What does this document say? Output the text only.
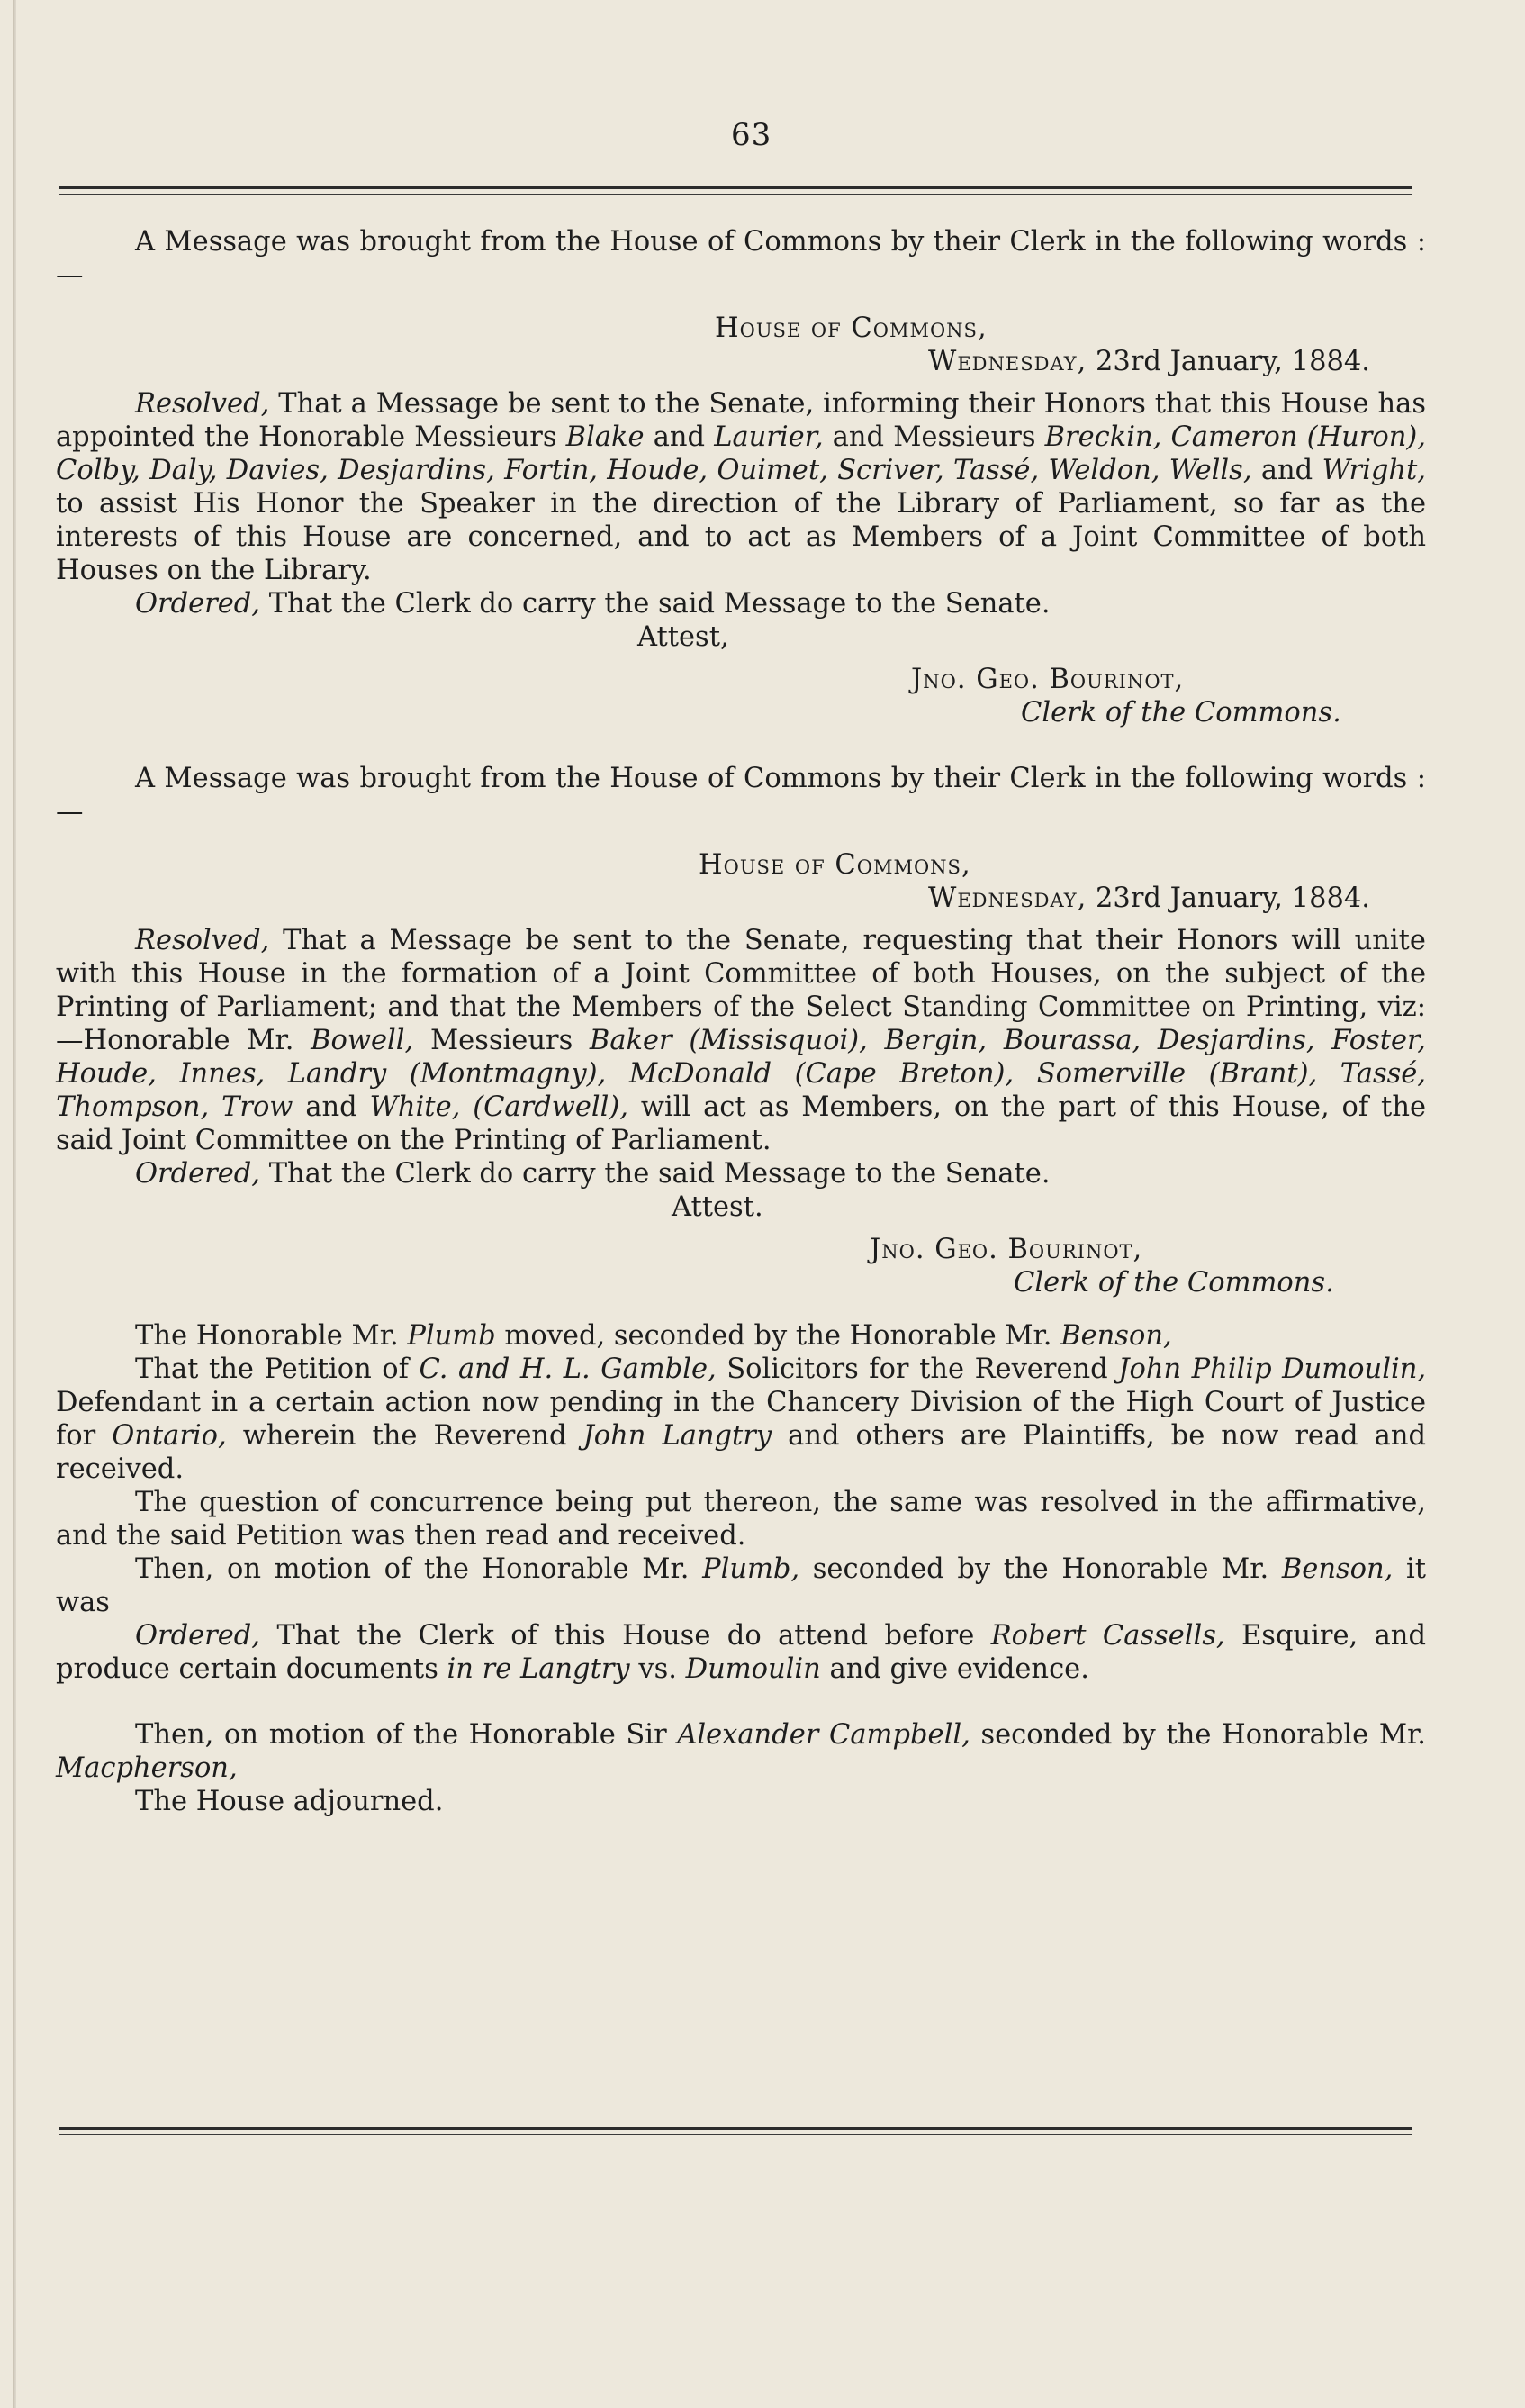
63

A Message was brought from the House of Commons by their Clerk in the following words :—

House of Commons,
Wednesday, 23rd January, 1884.

Resolved, That a Message be sent to the Senate, informing their Honors that this House has appointed the Honorable Messieurs Blake and Laurier, and Messieurs Breckin, Cameron (Huron), Colby, Daly, Davies, Desjardins, Fortin, Houde, Ouimet, Scriver, Tassé, Weldon, Wells, and Wright, to assist His Honor the Speaker in the direction of the Library of Parliament, so far as the interests of this House are concerned, and to act as Members of a Joint Committee of both Houses on the Library.

Ordered, That the Clerk do carry the said Message to the Senate.

Attest,

Jno. Geo. Bourinot,
Clerk of the Commons.

A Message was brought from the House of Commons by their Clerk in the following words :—

House of Commons,
Wednesday, 23rd January, 1884.

Resolved, That a Message be sent to the Senate, requesting that their Honors will unite with this House in the formation of a Joint Committee of both Houses, on the subject of the Printing of Parliament; and that the Members of the Select Standing Committee on Printing, viz:—Honorable Mr. Bowell, Messieurs Baker (Missisquoi), Bergin, Bourassa, Desjardins, Foster, Houde, Innes, Landry (Montmagny), McDonald (Cape Breton), Somerville (Brant), Tassé, Thompson, Trow and White, (Cardwell), will act as Members, on the part of this House, of the said Joint Committee on the Printing of Parliament.

Ordered, That the Clerk do carry the said Message to the Senate.

Attest.

Jno. Geo. Bourinot,
Clerk of the Commons.

The Honorable Mr. Plumb moved, seconded by the Honorable Mr. Benson,

That the Petition of C. and H. L. Gamble, Solicitors for the Reverend John Philip Dumoulin, Defendant in a certain action now pending in the Chancery Division of the High Court of Justice for Ontario, wherein the Reverend John Langtry and others are Plaintiffs, be now read and received.

The question of concurrence being put thereon, the same was resolved in the affirmative, and the said Petition was then read and received.

Then, on motion of the Honorable Mr. Plumb, seconded by the Honorable Mr. Benson, it was

Ordered, That the Clerk of this House do attend before Robert Cassells, Esquire, and produce certain documents in re Langtry vs. Dumoulin and give evidence.

Then, on motion of the Honorable Sir Alexander Campbell, seconded by the Honorable Mr. Macpherson,

The House adjourned.
